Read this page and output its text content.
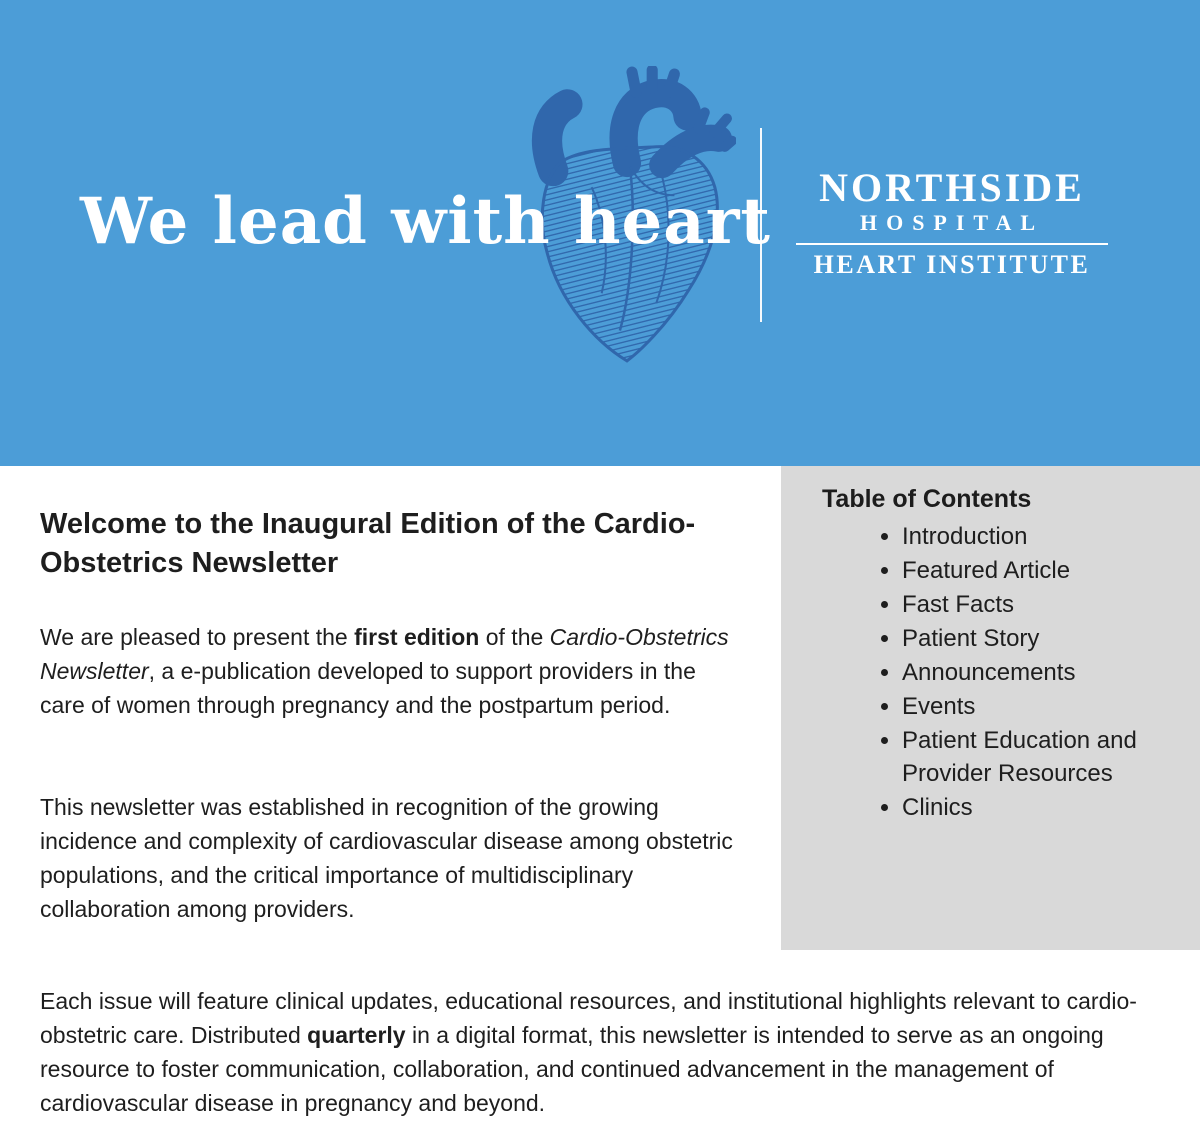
We lead with heart	NORTHSIDE
HOSPITAL
HEART INSTITUTE
Welcome to the Inaugural Edition of the Cardio-Obstetrics Newsletter

We are pleased to present the first edition of the Cardio-Obstetrics Newsletter, a e-publication developed to support providers in the care of women through pregnancy and the postpartum period.

This newsletter was established in recognition of the growing incidence and complexity of cardiovascular disease among obstetric populations, and the critical importance of multidisciplinary collaboration among providers.

Table of Contents
• Introduction
• Featured Article
• Fast Facts
• Patient Story
• Announcements
• Events
• Patient Education and Provider Resources
• Clinics

Each issue will feature clinical updates, educational resources, and institutional highlights relevant to cardio-obstetric care. Distributed quarterly in a digital format, this newsletter is intended to serve as an ongoing resource to foster communication, collaboration, and continued advancement in the management of cardiovascular disease in pregnancy and beyond.
